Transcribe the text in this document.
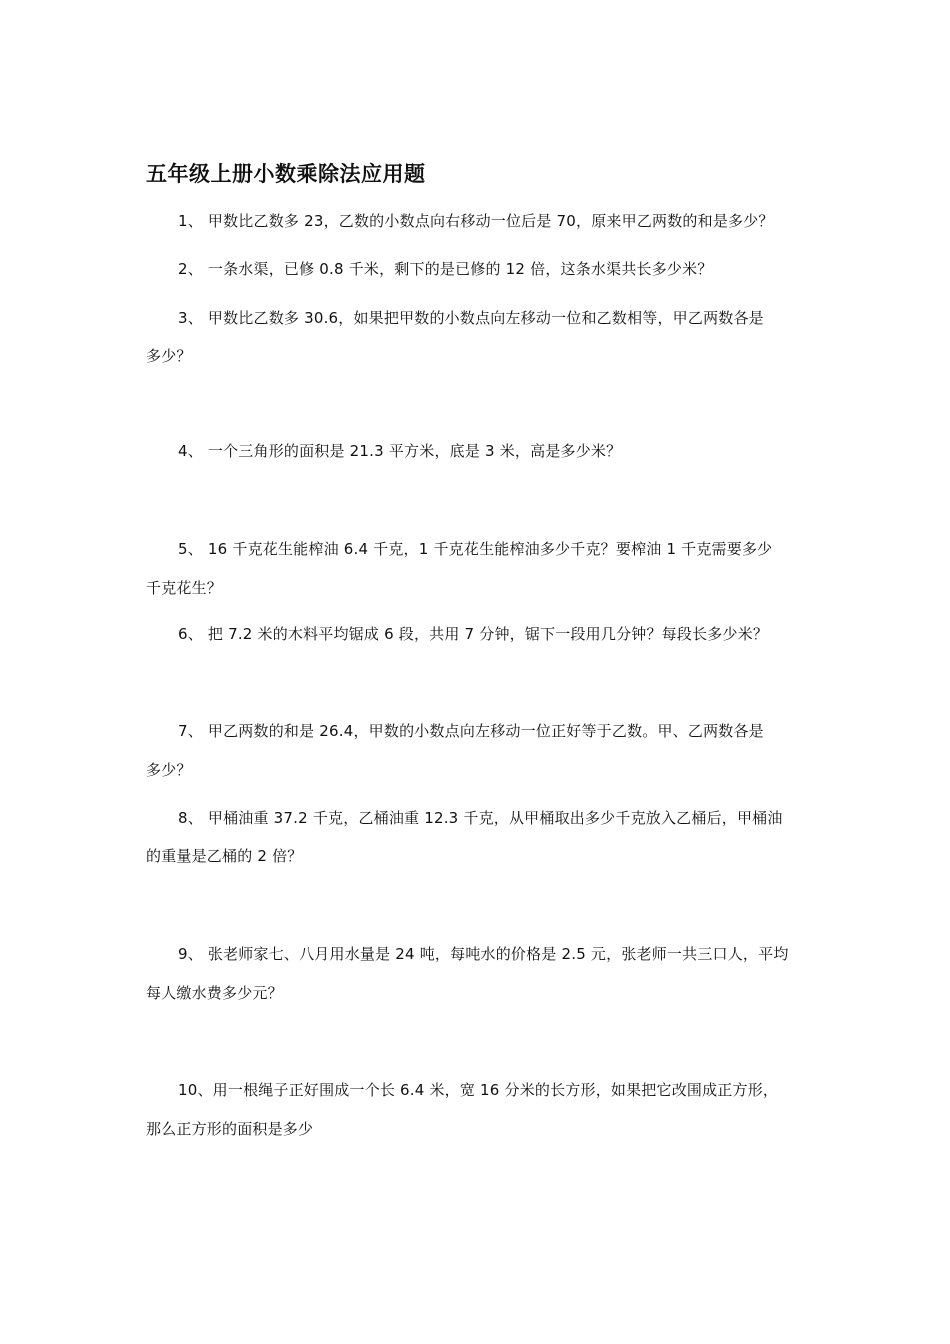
五年级上册小数乘除法应用题
1、 甲数比乙数多 23，乙数的小数点向右移动一位后是 70，原来甲乙两数的和是多少？
2、 一条水渠，已修 0.8 千米，剩下的是已修的 12 倍，这条水渠共长多少米？
3、 甲数比乙数多 30.6，如果把甲数的小数点向左移动一位和乙数相等，甲乙两数各是
多少？
4、 一个三角形的面积是 21.3 平方米，底是 3 米，高是多少米？
5、 16 千克花生能榨油 6.4 千克，1 千克花生能榨油多少千克？要榨油 1 千克需要多少
千克花生？
6、 把 7.2 米的木料平均锯成 6 段，共用 7 分钟，锯下一段用几分钟？每段长多少米？
7、 甲乙两数的和是 26.4，甲数的小数点向左移动一位正好等于乙数。甲、乙两数各是
多少？
8、 甲桶油重 37.2 千克，乙桶油重 12.3 千克，从甲桶取出多少千克放入乙桶后，甲桶油
的重量是乙桶的 2 倍？
9、 张老师家七、八月用水量是 24 吨，每吨水的价格是 2.5 元，张老师一共三口人，平均
每人缴水费多少元？
10、用一根绳子正好围成一个长 6.4 米，宽 16 分米的长方形，如果把它改围成正方形，
那么正方形的面积是多少
